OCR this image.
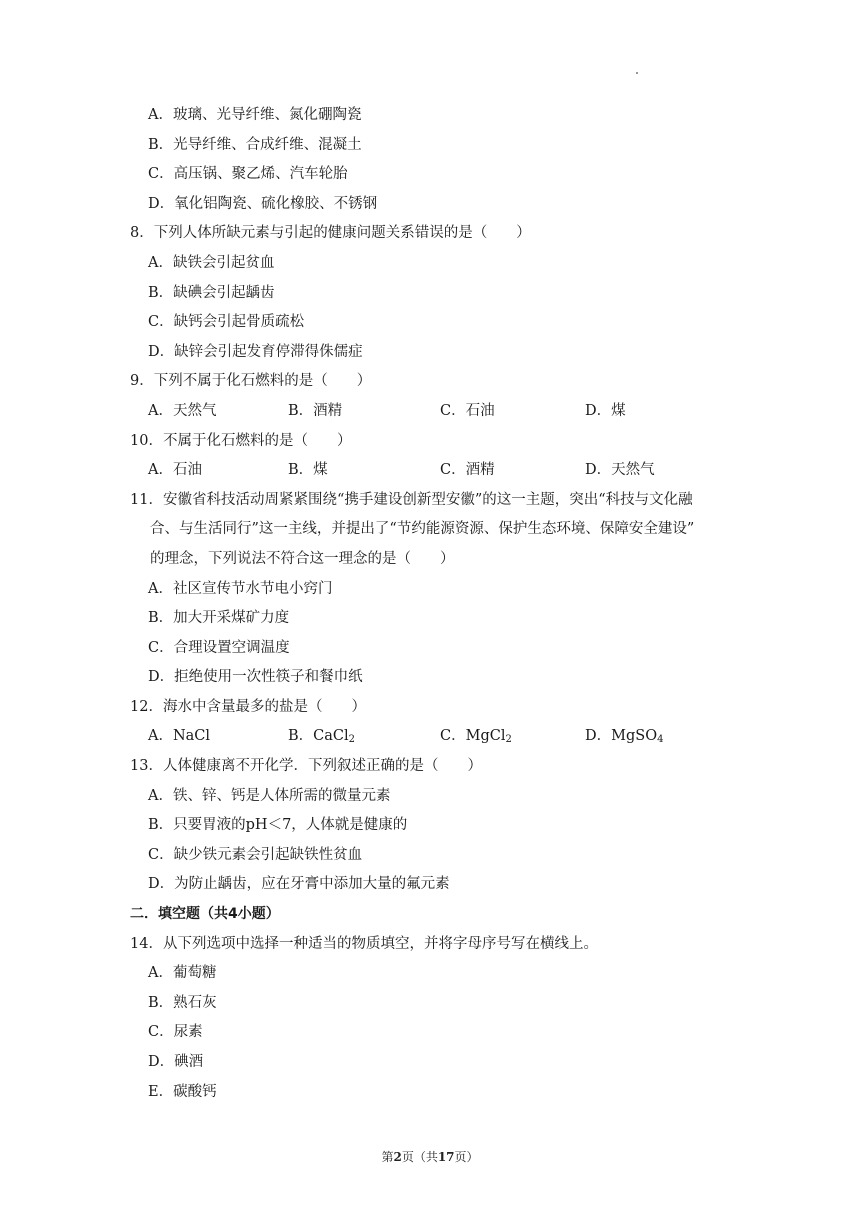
A．玻璃、光导纤维、氮化硼陶瓷
B．光导纤维、合成纤维、混凝土
C．高压锅、聚乙烯、汽车轮胎
D．氧化铝陶瓷、硫化橡胶、不锈钢
8．下列人体所缺元素与引起的健康问题关系错误的是（　　）
A．缺铁会引起贫血
B．缺碘会引起龋齿
C．缺钙会引起骨质疏松
D．缺锌会引起发育停滞得侏儒症
9．下列不属于化石燃料的是（　　）
A．天然气	B．酒精	C．石油	D．煤
10．不属于化石燃料的是（　　）
A．石油	B．煤	C．酒精	D．天然气
11．安徽省科技活动周紧紧围绕“携手建设创新型安徽”的这一主题，突出“科技与文化融
合、与生活同行”这一主线，并提出了“节约能源资源、保护生态环境、保障安全建设”
的理念，下列说法不符合这一理念的是（　　）
A．社区宣传节水节电小窍门
B．加大开采煤矿力度
C．合理设置空调温度
D．拒绝使用一次性筷子和餐巾纸
12．海水中含量最多的盐是（　　）
A．NaCl	B．CaCl$_2$	C．MgCl$_2$	D．MgSO$_4$
13．人体健康离不开化学．下列叙述正确的是（　　）
A．铁、锌、钙是人体所需的微量元素
B．只要胃液的pH＜7，人体就是健康的
C．缺少铁元素会引起缺铁性贫血
D．为防止龋齿，应在牙膏中添加大量的氟元素
二．填空题（共4小题）
14．从下列选项中选择一种适当的物质填空，并将字母序号写在横线上。
A．葡萄糖
B．熟石灰
C．尿素
D．碘酒
E．碳酸钙
第2页（共17页）
